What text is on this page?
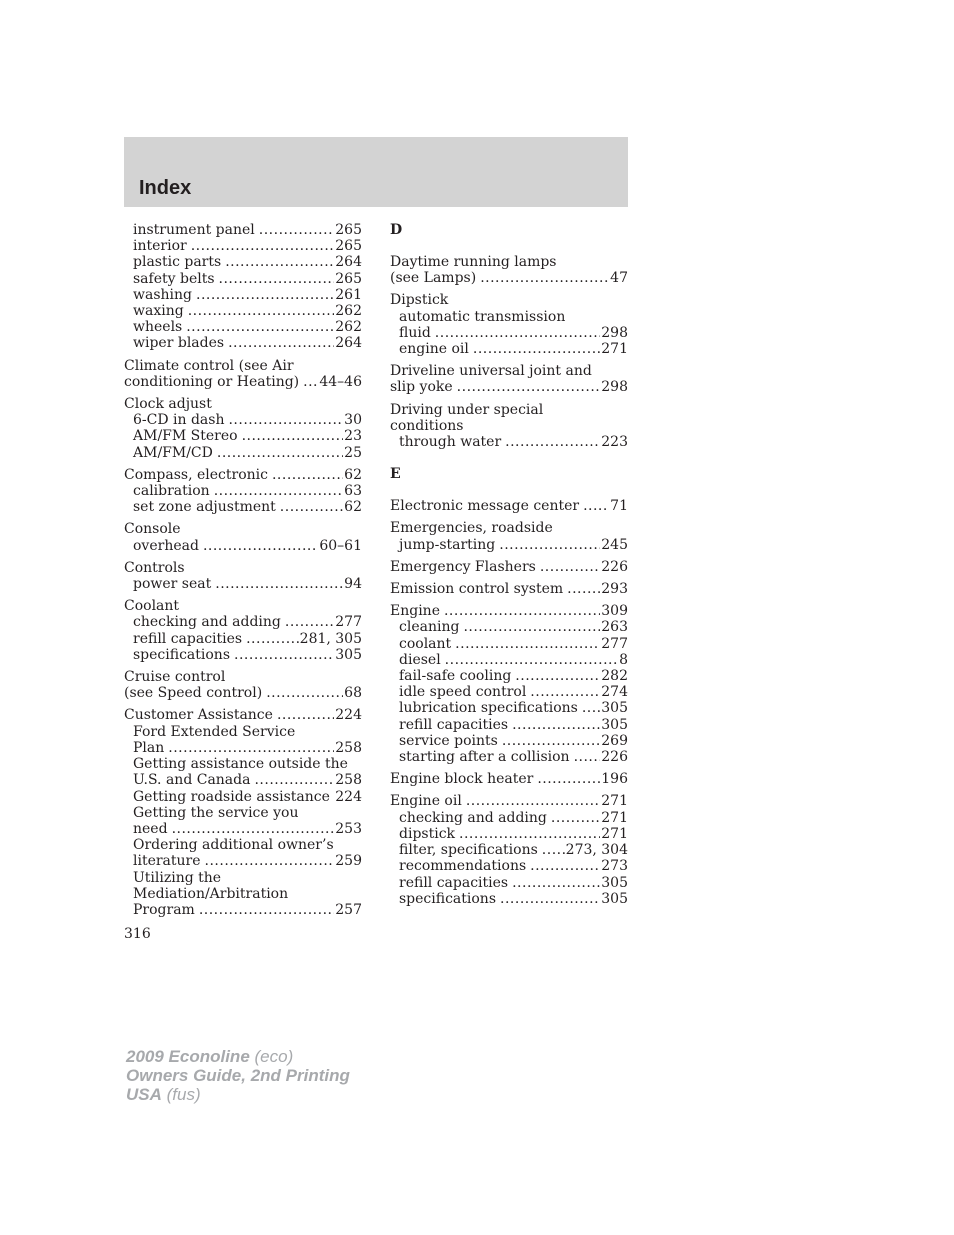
Index
instrument panel .....	265
interior .....	265
plastic parts .....	264
safety belts .....	265
washing .....	261
waxing .....	262
wheels .....	262
wiper blades .....	264
Climate control (see Air
conditioning or Heating) ..... 44–46
Clock adjust
6-CD in dash .....	30
AM/FM Stereo .....	23
AM/FM/CD .....	25
Compass, electronic .....	62
calibration .....	63
set zone adjustment .....	62
Console
overhead .....	60–61
Controls
power seat .....	94
Coolant
checking and adding .....	277
refill capacities .....	281, 305
specifications .....	305
Cruise control
(see Speed control) .....	68
Customer Assistance .....	224
Ford Extended Service
Plan .....	258
Getting assistance outside the
U.S. and Canada .....	258
Getting roadside assistance ..... 224
Getting the service you
need .....	253
Ordering additional owner’s
literature .....	259
Utilizing the
Mediation/Arbitration
Program .....	257
D
Daytime running lamps
(see Lamps) .....	47
Dipstick
automatic transmission
fluid .....	298
engine oil .....	271
Driveline universal joint and
slip yoke .....	298
Driving under special
conditions
through water .....	223
E
Electronic message center ..... 71
Emergencies, roadside
jump-starting .....	245
Emergency Flashers .....	226
Emission control system .....	293
Engine .....	309
cleaning .....	263
coolant .....	277
diesel .....	8
fail-safe cooling .....	282
idle speed control .....	274
lubrication specifications ..... 305
refill capacities .....	305
service points .....	269
starting after a collision ..... 226
Engine block heater .....	196
Engine oil .....	271
checking and adding .....	271
dipstick .....	271
filter, specifications ..... 273, 304
recommendations .....	273
refill capacities .....	305
specifications .....	305
316
2009 Econoline (eco)
Owners Guide, 2nd Printing
USA (fus)
